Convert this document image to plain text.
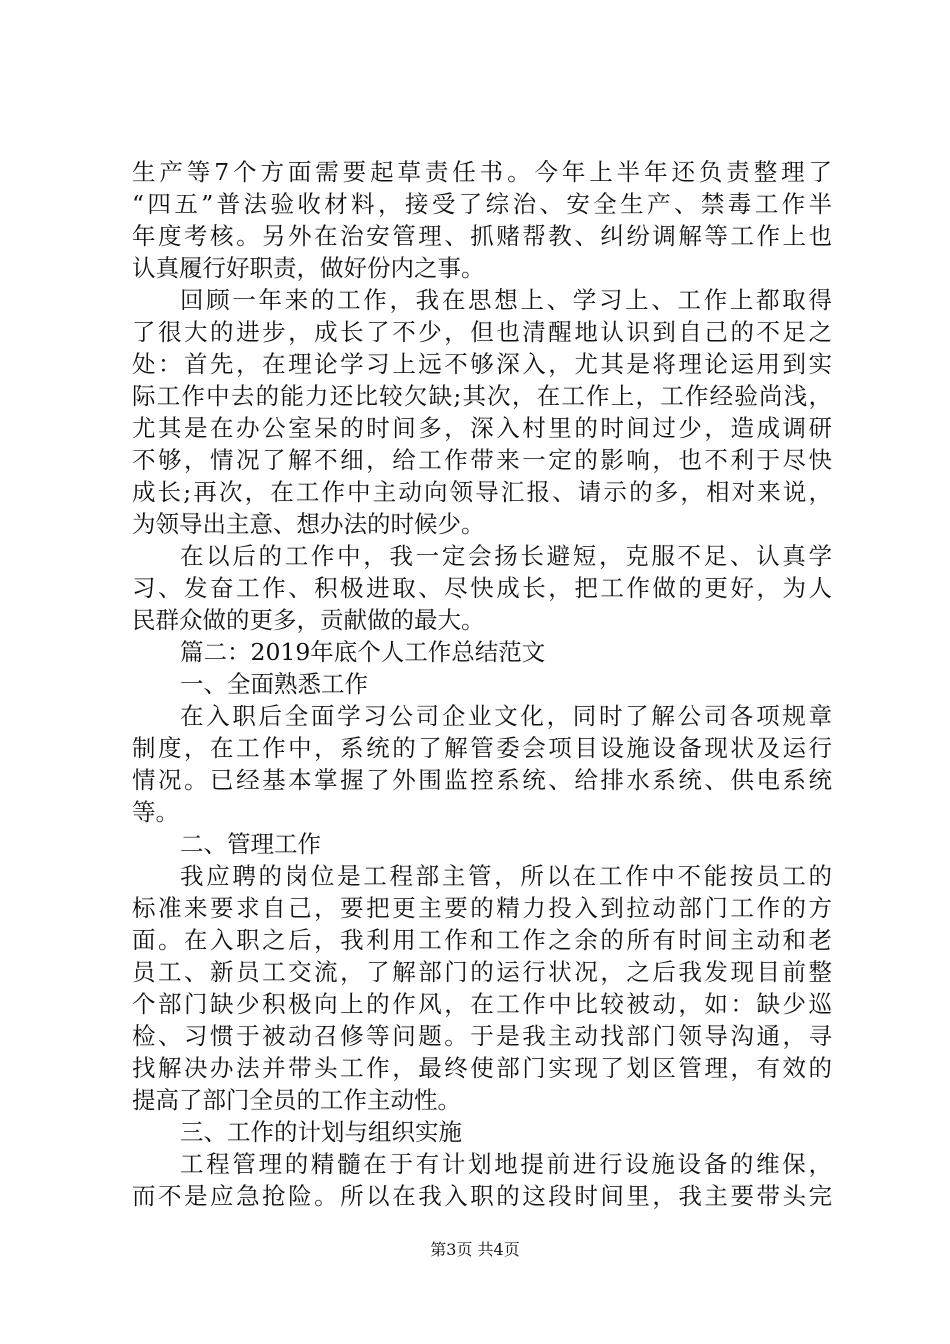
生产等7个方面需要起草责任书。今年上半年还负责整理了
“四五”普法验收材料，接受了综治、安全生产、禁毒工作半
年度考核。另外在治安管理、抓赌帮教、纠纷调解等工作上也
认真履行好职责，做好份内之事。
回顾一年来的工作，我在思想上、学习上、工作上都取得
了很大的进步，成长了不少，但也清醒地认识到自己的不足之
处：首先，在理论学习上远不够深入，尤其是将理论运用到实
际工作中去的能力还比较欠缺;其次，在工作上，工作经验尚浅，
尤其是在办公室呆的时间多，深入村里的时间过少，造成调研
不够，情况了解不细，给工作带来一定的影响，也不利于尽快
成长;再次，在工作中主动向领导汇报、请示的多，相对来说，
为领导出主意、想办法的时候少。
在以后的工作中，我一定会扬长避短，克服不足、认真学
习、发奋工作、积极进取、尽快成长，把工作做的更好，为人
民群众做的更多，贡献做的最大。
篇二：2019年底个人工作总结范文
一、全面熟悉工作
在入职后全面学习公司企业文化，同时了解公司各项规章
制度，在工作中，系统的了解管委会项目设施设备现状及运行
情况。已经基本掌握了外围监控系统、给排水系统、供电系统
等。
二、管理工作
我应聘的岗位是工程部主管，所以在工作中不能按员工的
标准来要求自己，要把更主要的精力投入到拉动部门工作的方
面。在入职之后，我利用工作和工作之余的所有时间主动和老
员工、新员工交流，了解部门的运行状况，之后我发现目前整
个部门缺少积极向上的作风，在工作中比较被动，如：缺少巡
检、习惯于被动召修等问题。于是我主动找部门领导沟通，寻
找解决办法并带头工作，最终使部门实现了划区管理，有效的
提高了部门全员的工作主动性。
三、工作的计划与组织实施
工程管理的精髓在于有计划地提前进行设施设备的维保，
而不是应急抢险。所以在我入职的这段时间里，我主要带头完
第3页 共4页
